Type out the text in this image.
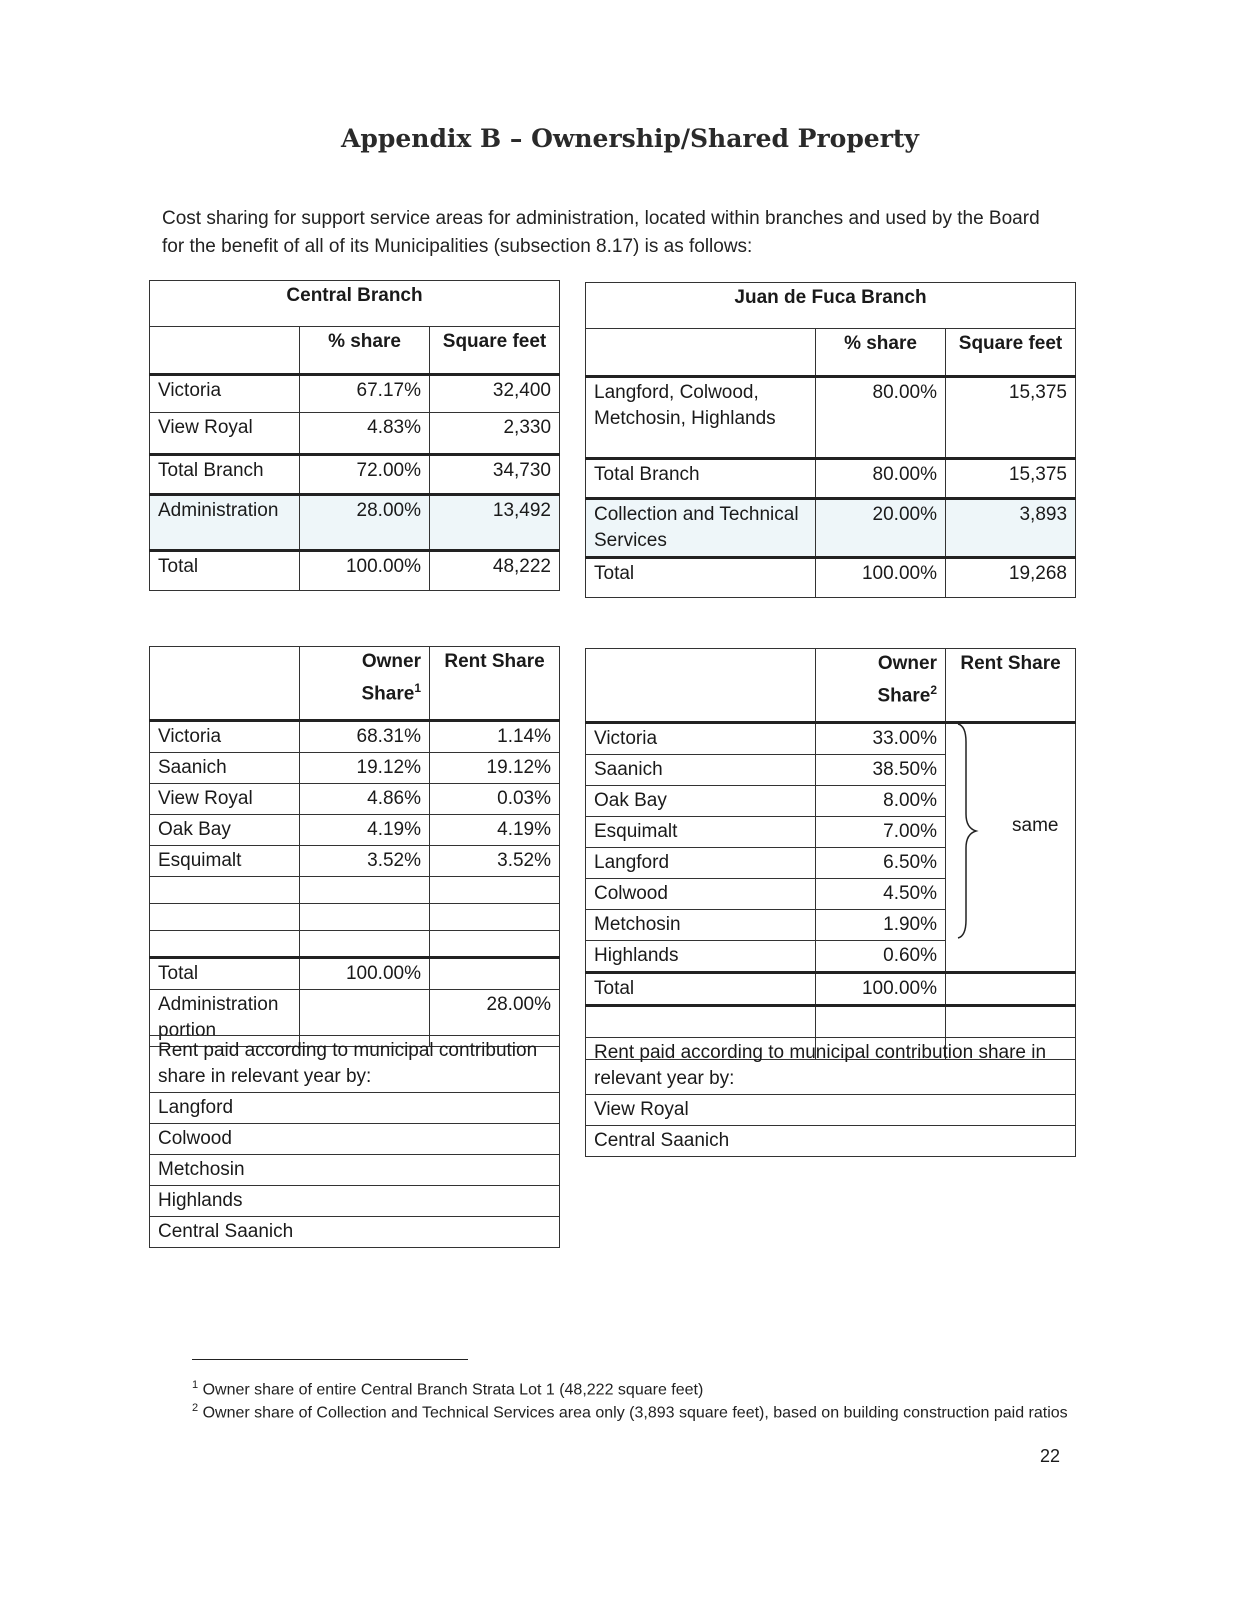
Appendix B – Ownership/Shared Property
Cost sharing for support service areas for administration, located within branches and used by the Board for the benefit of all of its Municipalities (subsection 8.17) is as follows:
Central Branch		
	% share	Square feet
Victoria	67.17%	32,400
View Royal	4.83%	2,330
Total Branch	72.00%	34,730
Administration	28.00%	13,492
Total	100.00%	48,222
Juan de Fuca Branch		
	% share	Square feet
Langford, Colwood, Metchosin, Highlands	80.00%	15,375
Total Branch	80.00%	15,375
Collection and Technical Services	20.00%	3,893
Total	100.00%	19,268
	Owner Share$^1$	Rent Share
Victoria	68.31%	1.14%
Saanich	19.12%	19.12%
View Royal	4.86%	0.03%
Oak Bay	4.19%	4.19%
Esquimalt	3.52%	3.52%

Total	100.00%	
Administration portion		28.00%
	Owner Share$^2$	Rent Share
Victoria	33.00%	
Saanich	38.50%	
Oak Bay	8.00%	
Esquimalt	7.00%	
Langford	6.50%	
Colwood	4.50%	
Metchosin	1.90%	
Highlands	0.60%	
Total	100.00%	

same
Rent paid according to municipal contribution share in relevant year by:
Langford
Colwood
Metchosin
Highlands
Central Saanich
Rent paid according to municipal contribution share in relevant year by:
View Royal
Central Saanich
$^1$ Owner share of entire Central Branch Strata Lot 1 (48,222 square feet)
$^2$ Owner share of Collection and Technical Services area only (3,893 square feet), based on building construction paid ratios
22
